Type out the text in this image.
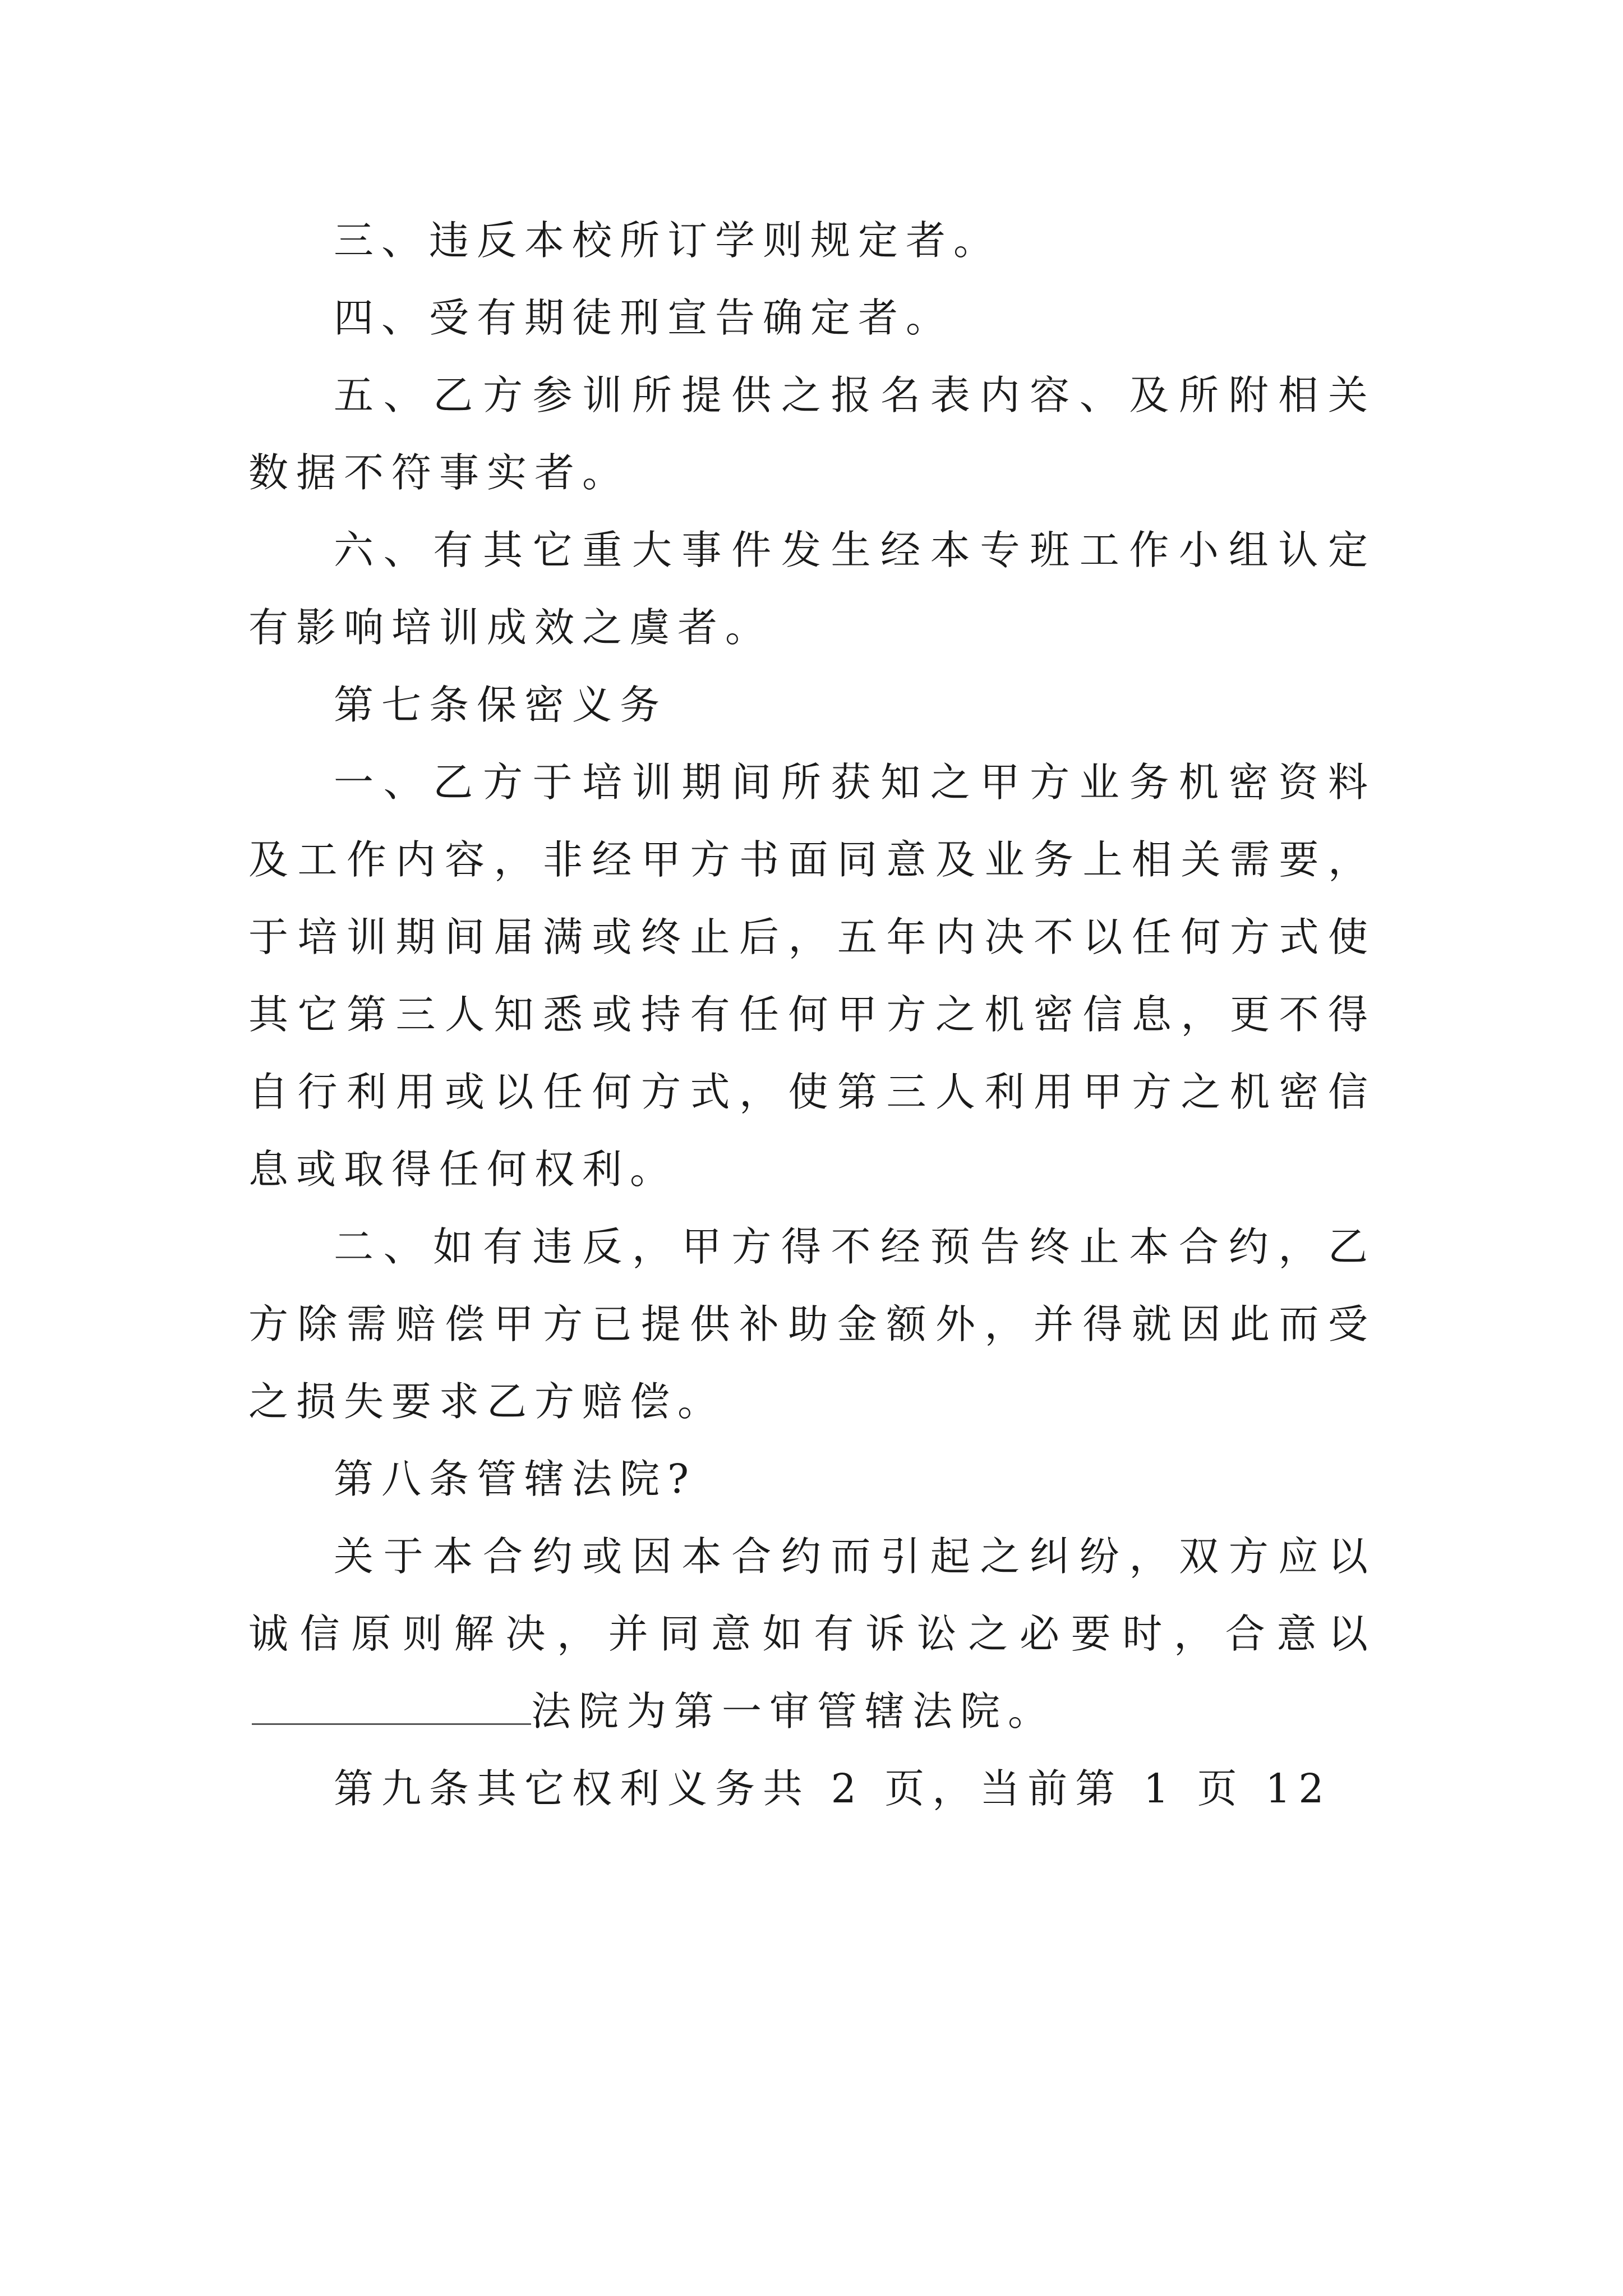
三、违反本校所订学则规定者。

四、受有期徒刑宣告确定者。

五、乙方参训所提供之报名表内容、及所附相关数据不符事实者。

六、有其它重大事件发生经本专班工作小组认定有影响培训成效之虞者。

第七条保密义务

一、乙方于培训期间所获知之甲方业务机密资料及工作内容，非经甲方书面同意及业务上相关需要，于培训期间届满或终止后，五年内决不以任何方式使其它第三人知悉或持有任何甲方之机密信息，更不得自行利用或以任何方式，使第三人利用甲方之机密信息或取得任何权利。

二、如有违反，甲方得不经预告终止本合约，乙方除需赔偿甲方已提供补助金额外，并得就因此而受之损失要求乙方赔偿。

第八条管辖法院?

关于本合约或因本合约而引起之纠纷，双方应以诚信原则解决，并同意如有诉讼之必要时，合意以法院为第一审管辖法院。

第九条其它权利义务共 2 页，当前第 1 页 12
